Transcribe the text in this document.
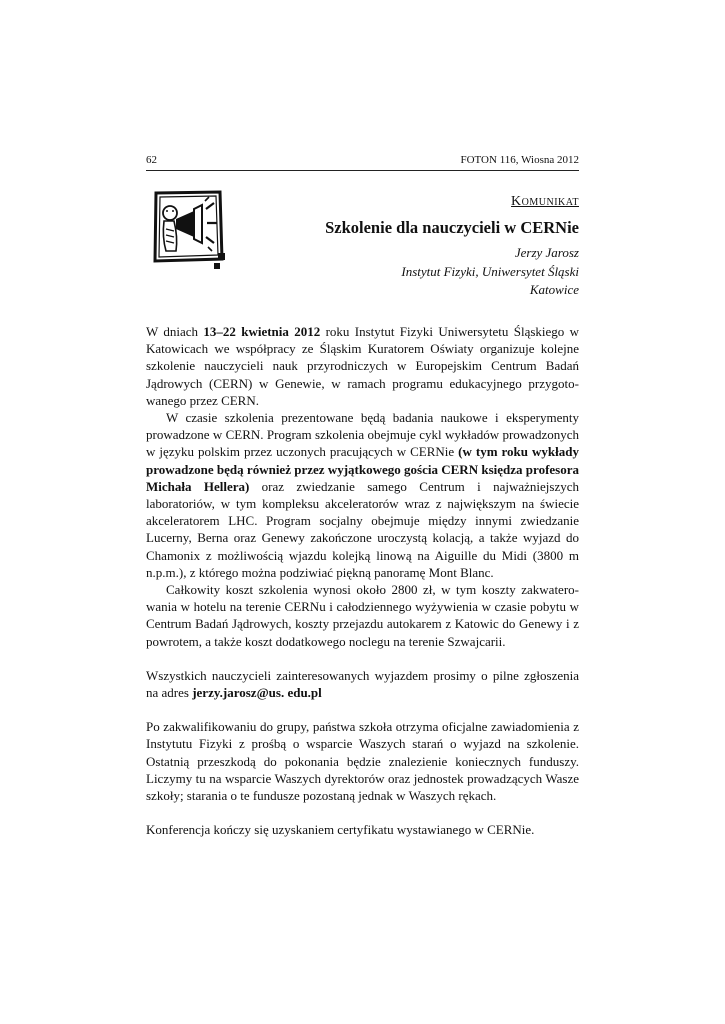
62	FOTON 116, Wiosna 2012
Komunikat
Szkolenie dla nauczycieli w CERNie
Jerzy Jarosz
Instytut Fizyki, Uniwersytet Śląski
Katowice

W dniach 13–22 kwietnia 2012 roku Instytut Fizyki Uniwersytetu Śląskiego w Katowicach we współpracy ze Śląskim Kuratorem Oświaty organizuje kolejne szkolenie nauczycieli nauk przyrodniczych w Europejskim Centrum Badań Jądrowych (CERN) w Genewie, w ramach programu edukacyjnego przygotowanego przez CERN.

W czasie szkolenia prezentowane będą badania naukowe i eksperymenty prowadzone w CERN. Program szkolenia obejmuje cykl wykładów prowadzonych w języku polskim przez uczonych pracujących w CERNie (w tym roku wykłady prowadzone będą również przez wyjątkowego gościa CERN księdza profesora Michała Hellera) oraz zwiedzanie samego Centrum i najważniejszych laboratoriów, w tym kompleksu akceleratorów wraz z największym na świecie akceleratorem LHC. Program socjalny obejmuje między innymi zwiedzanie Lucerny, Berna oraz Genewy zakończone uroczystą kolacją, a także wyjazd do Chamonix z możliwością wjazdu kolejką linową na Aiguille du Midi (3800 m n.p.m.), z którego można podziwiać piękną panoramę Mont Blanc.

Całkowity koszt szkolenia wynosi około 2800 zł, w tym koszty zakwaterowania w hotelu na terenie CERNu i całodziennego wyżywienia w czasie pobytu w Centrum Badań Jądrowych, koszty przejazdu autokarem z Katowic do Genewy i z powrotem, a także koszt dodatkowego noclegu na terenie Szwajcarii.

Wszystkich nauczycieli zainteresowanych wyjazdem prosimy o pilne zgłoszenia na adres jerzy.jarosz@us. edu.pl

Po zakwalifikowaniu do grupy, państwa szkoła otrzyma oficjalne zawiadomienia z Instytutu Fizyki z prośbą o wsparcie Waszych starań o wyjazd na szkolenie. Ostatnią przeszkodą do pokonania będzie znalezienie koniecznych funduszy. Liczymy tu na wsparcie Waszych dyrektorów oraz jednostek prowadzących Wasze szkoły; starania o te fundusze pozostaną jednak w Waszych rękach.

Konferencja kończy się uzyskaniem certyfikatu wystawianego w CERNie.
